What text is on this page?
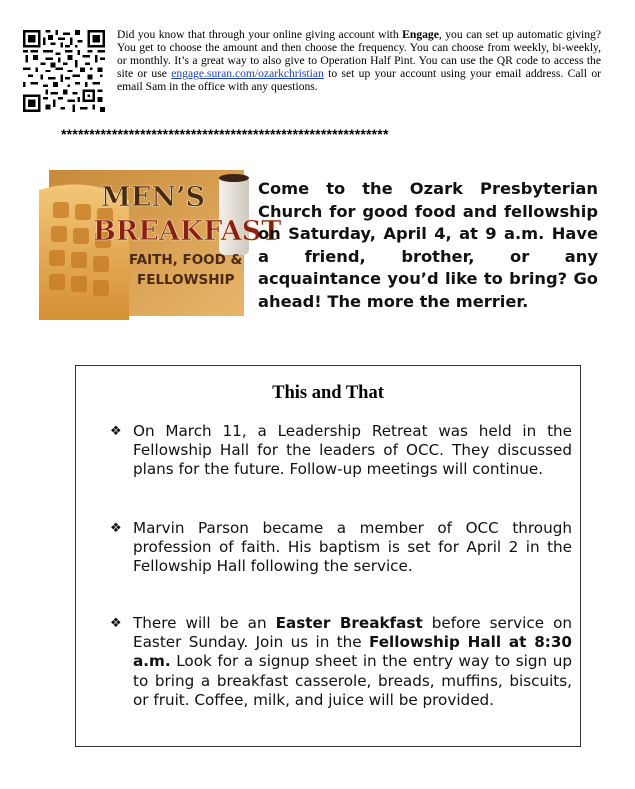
Did you know that through your online giving account with Engage, you can set up automatic giving? You get to choose the amount and then choose the frequency. You can choose from weekly, bi-weekly, or monthly. It’s a great way to also give to Operation Half Pint. You can use the QR code to access the site or use engage.suran.com/ozarkchristian to set up your account using your email address. Call or email Sam in the office with any questions.
**********************************************************
MEN’S
BREAKFAST
FAITH, FOOD &
FELLOWSHIP
Come to the Ozark Presbyterian Church for good food and fellowship on Saturday, April 4, at 9 a.m. Have a friend, brother, or any acquaintance you’d like to bring? Go ahead! The more the merrier.
This and That
❖ On March 11, a Leadership Retreat was held in the Fellowship Hall for the leaders of OCC. They discussed plans for the future. Follow-up meetings will continue.
❖ Marvin Parson became a member of OCC through profession of faith. His baptism is set for April 2 in the Fellowship Hall following the service.
❖ There will be an Easter Breakfast before service on Easter Sunday. Join us in the Fellowship Hall at 8:30 a.m. Look for a signup sheet in the entry way to sign up to bring a breakfast casserole, breads, muffins, biscuits, or fruit. Coffee, milk, and juice will be provided.
